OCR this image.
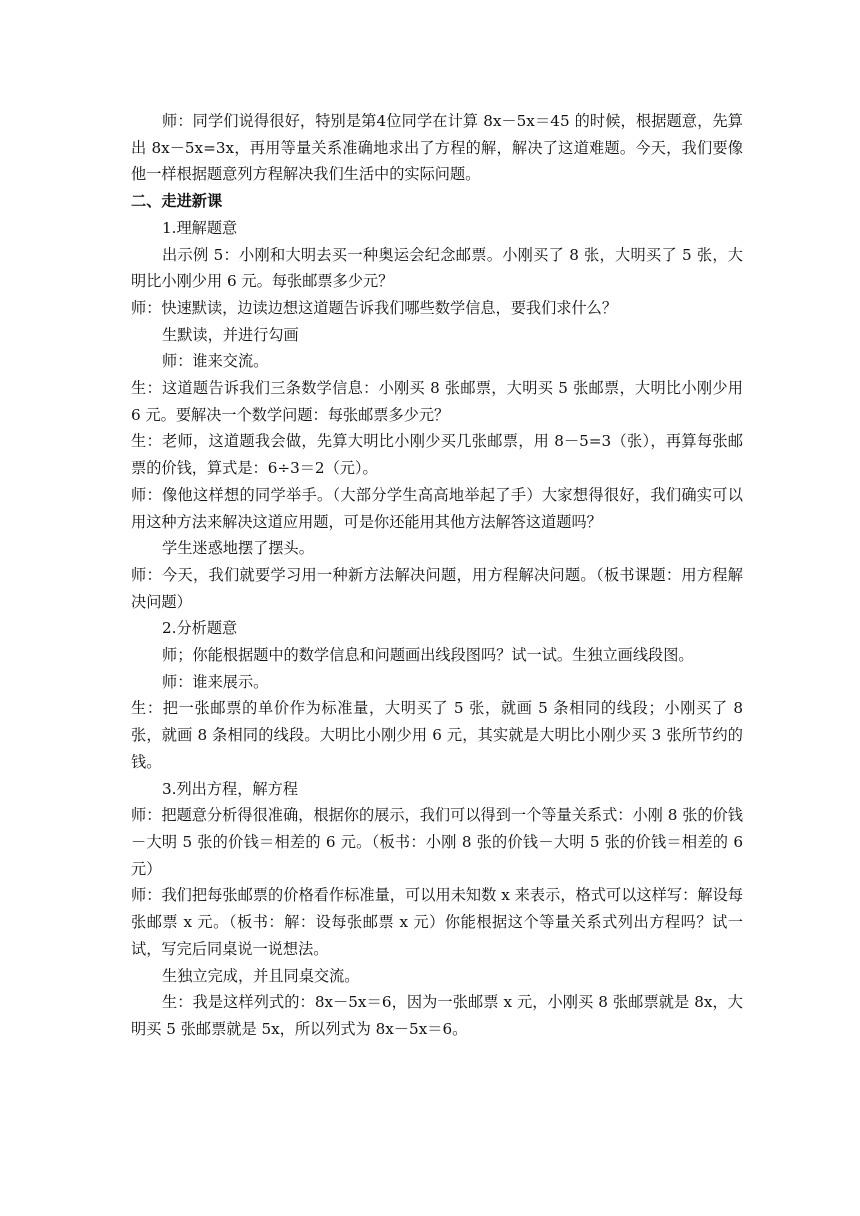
师：同学们说得很好，特别是第4位同学在计算 8x－5x＝45 的时候，根据题意，先算出 8x－5x=3x，再用等量关系准确地求出了方程的解，解决了这道难题。今天，我们要像他一样根据题意列方程解决我们生活中的实际问题。

二、走进新课

1.理解题意

出示例 5：小刚和大明去买一种奥运会纪念邮票。小刚买了 8 张，大明买了 5 张，大明比小刚少用 6 元。每张邮票多少元？

师：快速默读，边读边想这道题告诉我们哪些数学信息，要我们求什么？

生默读，并进行勾画

师：谁来交流。

生：这道题告诉我们三条数学信息：小刚买 8 张邮票，大明买 5 张邮票，大明比小刚少用 6 元。要解决一个数学问题：每张邮票多少元？

生：老师，这道题我会做，先算大明比小刚少买几张邮票，用 8－5=3（张），再算每张邮票的价钱，算式是：6÷3＝2（元）。

师：像他这样想的同学举手。（大部分学生高高地举起了手）大家想得很好，我们确实可以用这种方法来解决这道应用题，可是你还能用其他方法解答这道题吗？

学生迷惑地摆了摆头。

师：今天，我们就要学习用一种新方法解决问题，用方程解决问题。（板书课题：用方程解决问题）

2.分析题意

师；你能根据题中的数学信息和问题画出线段图吗？试一试。生独立画线段图。

师：谁来展示。

生：把一张邮票的单价作为标准量，大明买了 5 张，就画 5 条相同的线段；小刚买了 8 张，就画 8 条相同的线段。大明比小刚少用 6 元，其实就是大明比小刚少买 3 张所节约的钱。

3.列出方程，解方程

师：把题意分析得很准确，根据你的展示，我们可以得到一个等量关系式：小刚 8 张的价钱－大明 5 张的价钱＝相差的 6 元。（板书：小刚 8 张的价钱－大明 5 张的价钱＝相差的 6 元）

师：我们把每张邮票的价格看作标准量，可以用未知数 x 来表示，格式可以这样写：解设每张邮票 x 元。（板书：解：设每张邮票 x 元）你能根据这个等量关系式列出方程吗？试一试，写完后同桌说一说想法。

生独立完成，并且同桌交流。

生：我是这样列式的：8x－5x＝6，因为一张邮票 x 元，小刚买 8 张邮票就是 8x，大明买 5 张邮票就是 5x，所以列式为 8x－5x＝6。
